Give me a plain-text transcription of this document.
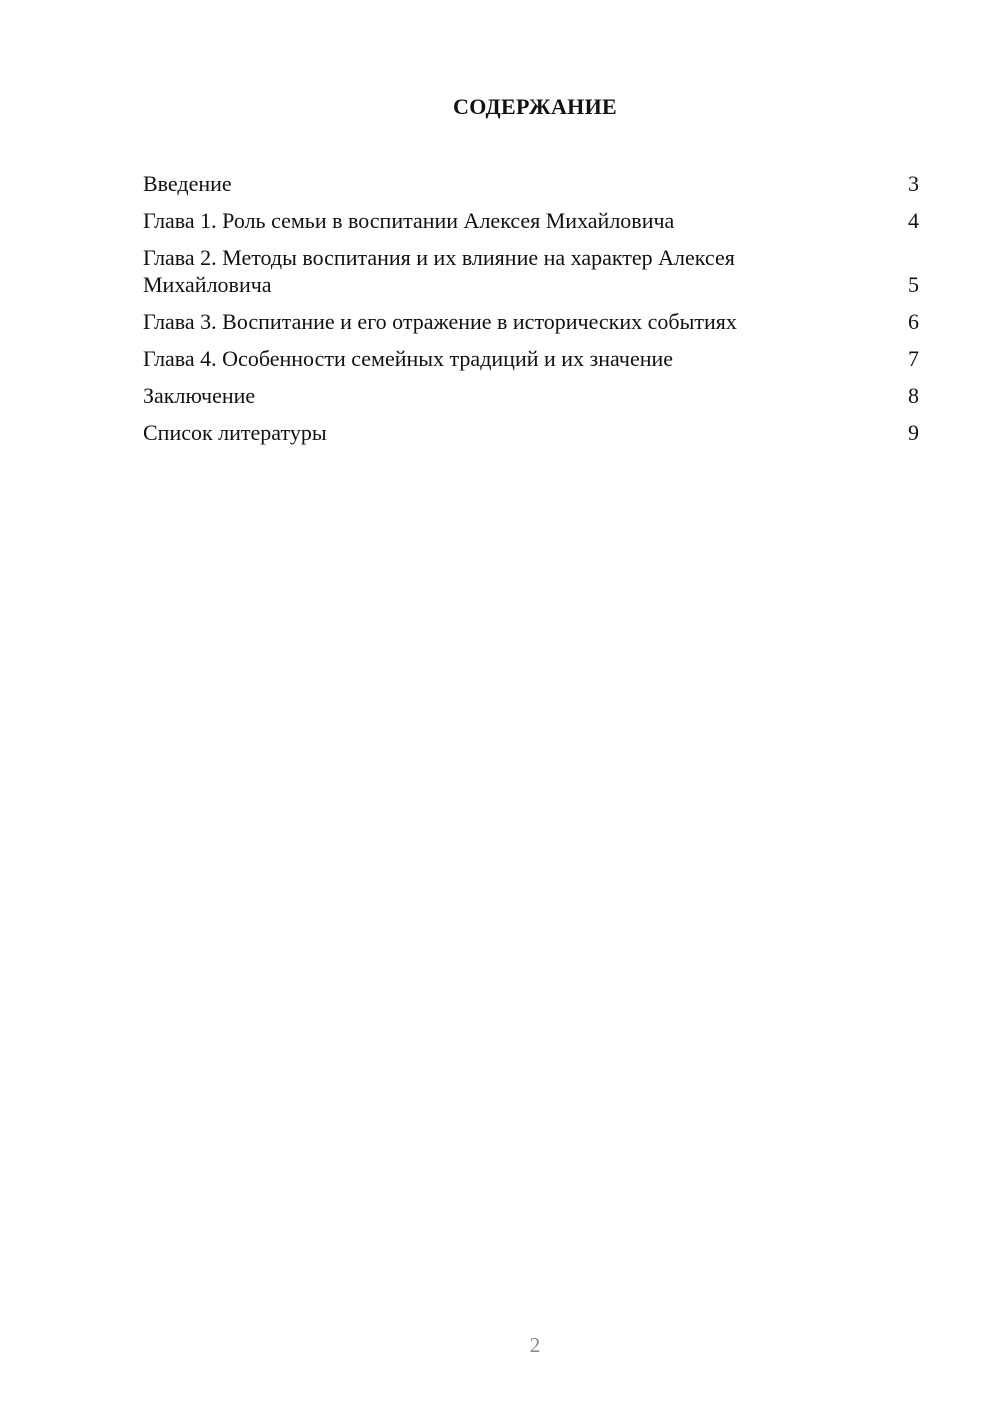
СОДЕРЖАНИЕ
Введение	3
Глава 1. Роль семьи в воспитании Алексея Михайловича	4
Глава 2. Методы воспитания и их влияние на характер Алексея Михайловича	5
Глава 3. Воспитание и его отражение в исторических событиях	6
Глава 4. Особенности семейных традиций и их значение	7
Заключение	8
Список литературы	9
2
